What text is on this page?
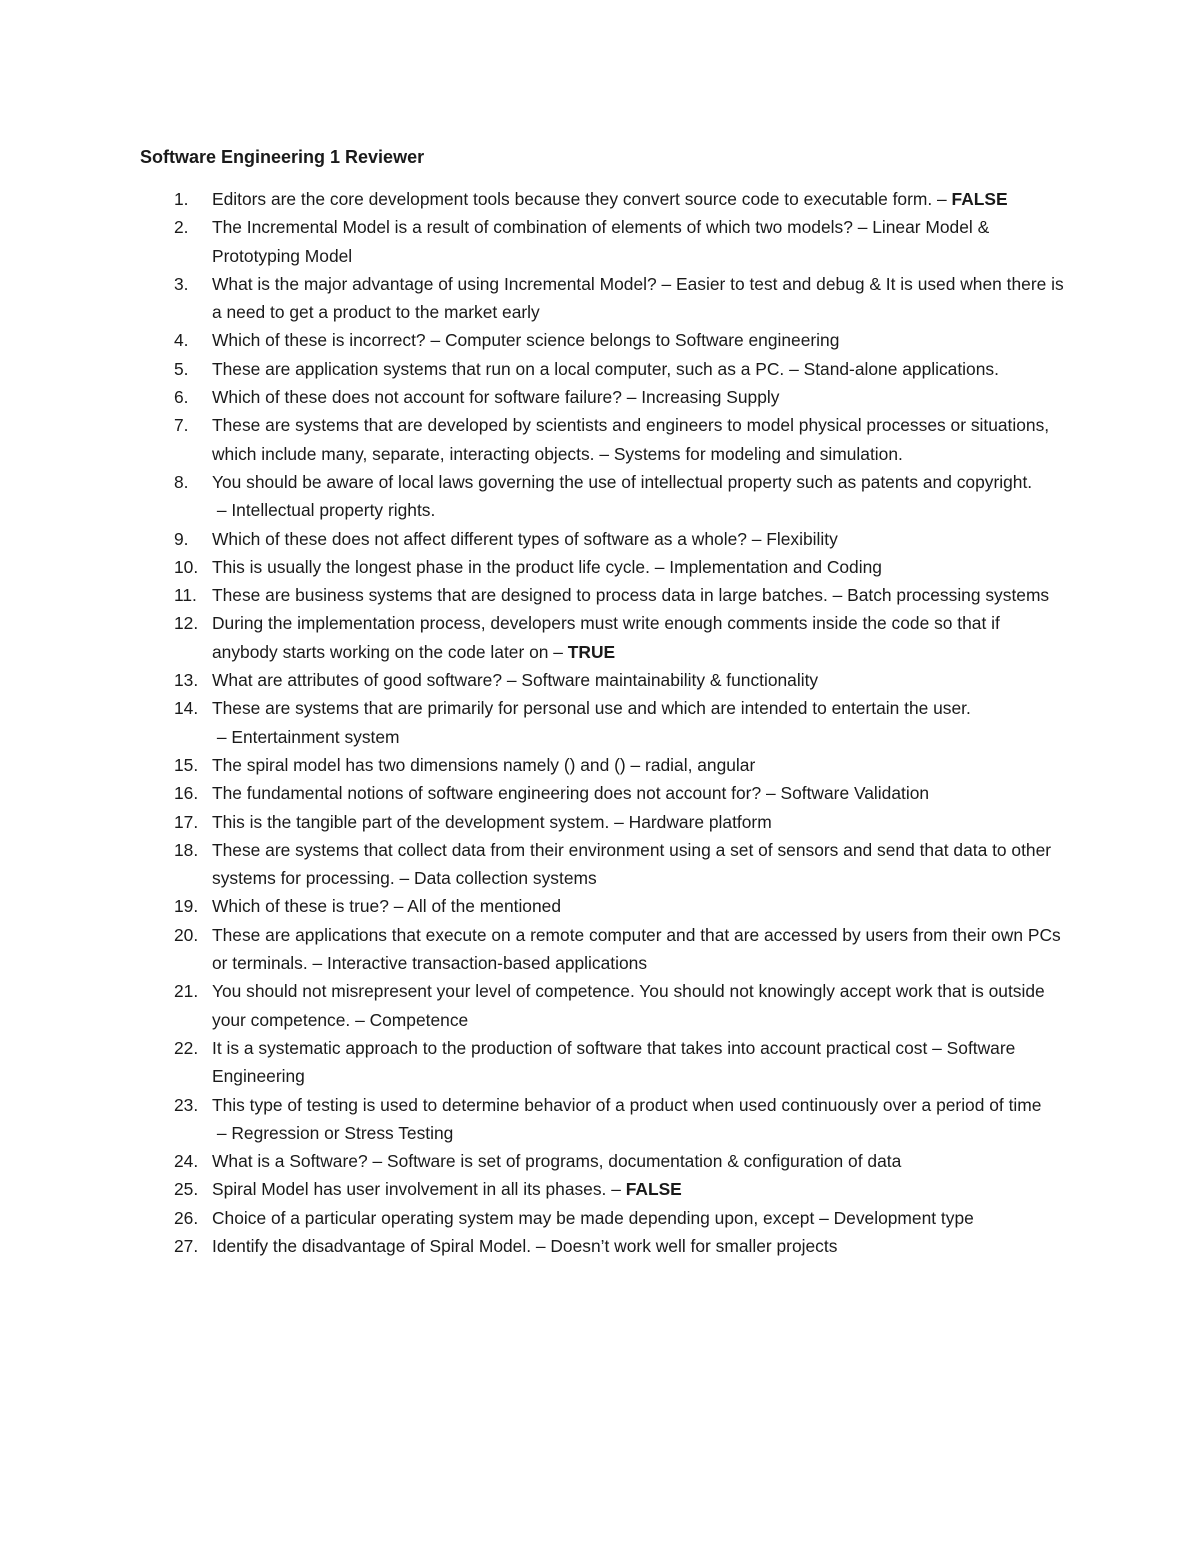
Software Engineering 1 Reviewer
1.	Editors are the core development tools because they convert source code to executable form. – FALSE
2.	The Incremental Model is a result of combination of elements of which two models? – Linear Model & Prototyping Model
3.	What is the major advantage of using Incremental Model? – Easier to test and debug & It is used when there is a need to get a product to the market early
4.	Which of these is incorrect? – Computer science belongs to Software engineering
5.	These are application systems that run on a local computer, such as a PC. – Stand-alone applications.
6.	Which of these does not account for software failure? – Increasing Supply
7.	These are systems that are developed by scientists and engineers to model physical processes or situations, which include many, separate, interacting objects. – Systems for modeling and simulation.
8.	You should be aware of local laws governing the use of intellectual property such as patents and copyright. – Intellectual property rights.
9.	Which of these does not affect different types of software as a whole? – Flexibility
10. This is usually the longest phase in the product life cycle. – Implementation and Coding
11. These are business systems that are designed to process data in large batches. – Batch processing systems
12. During the implementation process, developers must write enough comments inside the code so that if anybody starts working on the code later on – TRUE
13. What are attributes of good software? – Software maintainability & functionality
14. These are systems that are primarily for personal use and which are intended to entertain the user. – Entertainment system
15. The spiral model has two dimensions namely () and () – radial, angular
16. The fundamental notions of software engineering does not account for? – Software Validation
17. This is the tangible part of the development system. – Hardware platform
18. These are systems that collect data from their environment using a set of sensors and send that data to other systems for processing. – Data collection systems
19. Which of these is true? – All of the mentioned
20. These are applications that execute on a remote computer and that are accessed by users from their own PCs or terminals. – Interactive transaction-based applications
21. You should not misrepresent your level of competence. You should not knowingly accept work that is outside your competence. – Competence
22. It is a systematic approach to the production of software that takes into account practical cost – Software Engineering
23. This type of testing is used to determine behavior of a product when used continuously over a period of time – Regression or Stress Testing
24. What is a Software? – Software is set of programs, documentation & configuration of data
25. Spiral Model has user involvement in all its phases. – FALSE
26. Choice of a particular operating system may be made depending upon, except – Development type
27. Identify the disadvantage of Spiral Model. – Doesn’t work well for smaller projects
